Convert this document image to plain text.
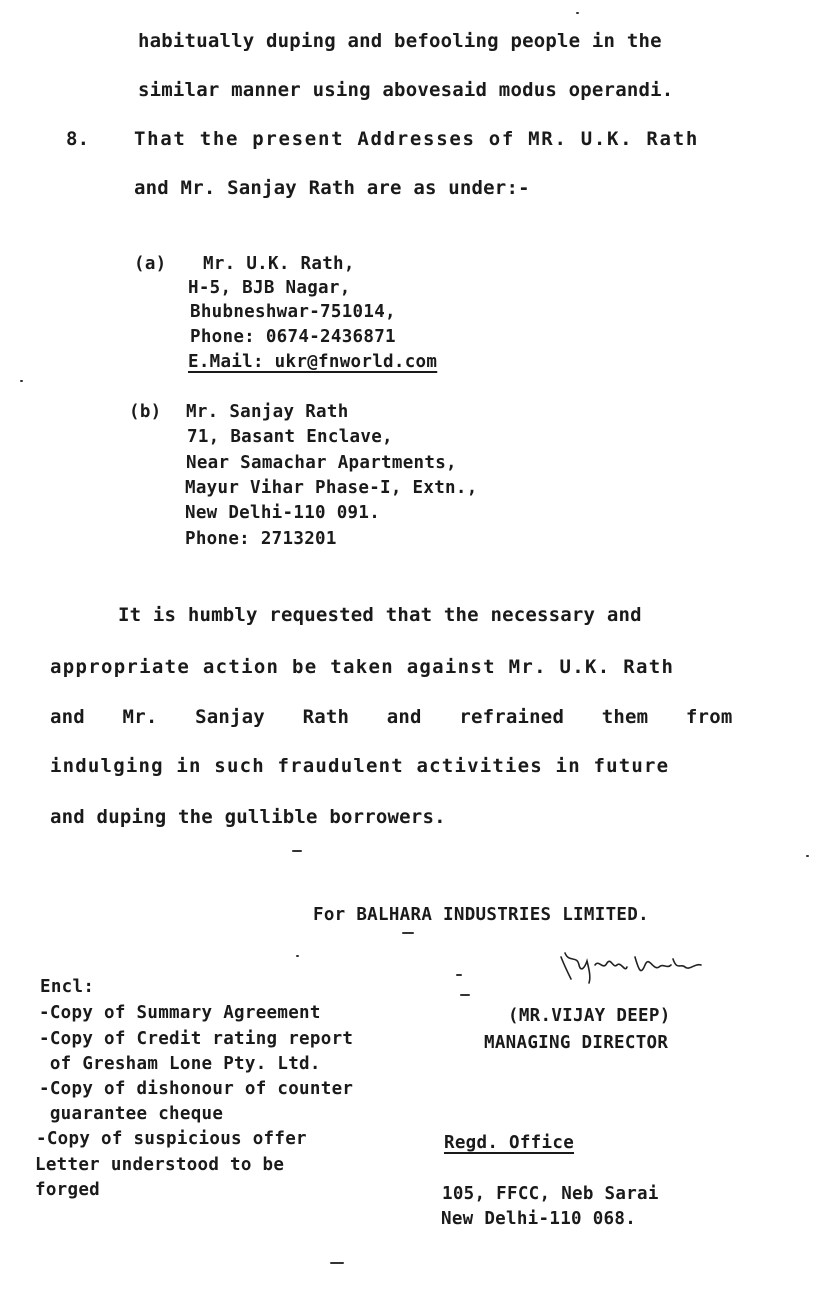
habitually duping and befooling people in the
similar manner using abovesaid modus operandi.
8. That the present Addresses of MR. U.K. Rath
and Mr. Sanjay Rath are as under:-
(a) Mr. U.K. Rath,
H-5, BJB Nagar,
Bhubneshwar-751014,
Phone: 0674-2436871
E.Mail: ukr@fnworld.com
(b) Mr. Sanjay Rath
71, Basant Enclave,
Near Samachar Apartments,
Mayur Vihar Phase-I, Extn.,
New Delhi-110 091.
Phone: 2713201
It is humbly requested that the necessary and
appropriate action be taken against Mr. U.K. Rath
and Mr. Sanjay Rath and refrained them from
indulging in such fraudulent activities in future
and duping the gullible borrowers.
For BALHARA INDUSTRIES LIMITED.
(MR.VIJAY DEEP)
MANAGING DIRECTOR
Encl:
-Copy of Summary Agreement
-Copy of Credit rating report
of Gresham Lone Pty. Ltd.
-Copy of dishonour of counter
guarantee cheque
-Copy of suspicious offer
Letter understood to be
forged
Regd. Office
105, FFCC, Neb Sarai
New Delhi-110 068.
